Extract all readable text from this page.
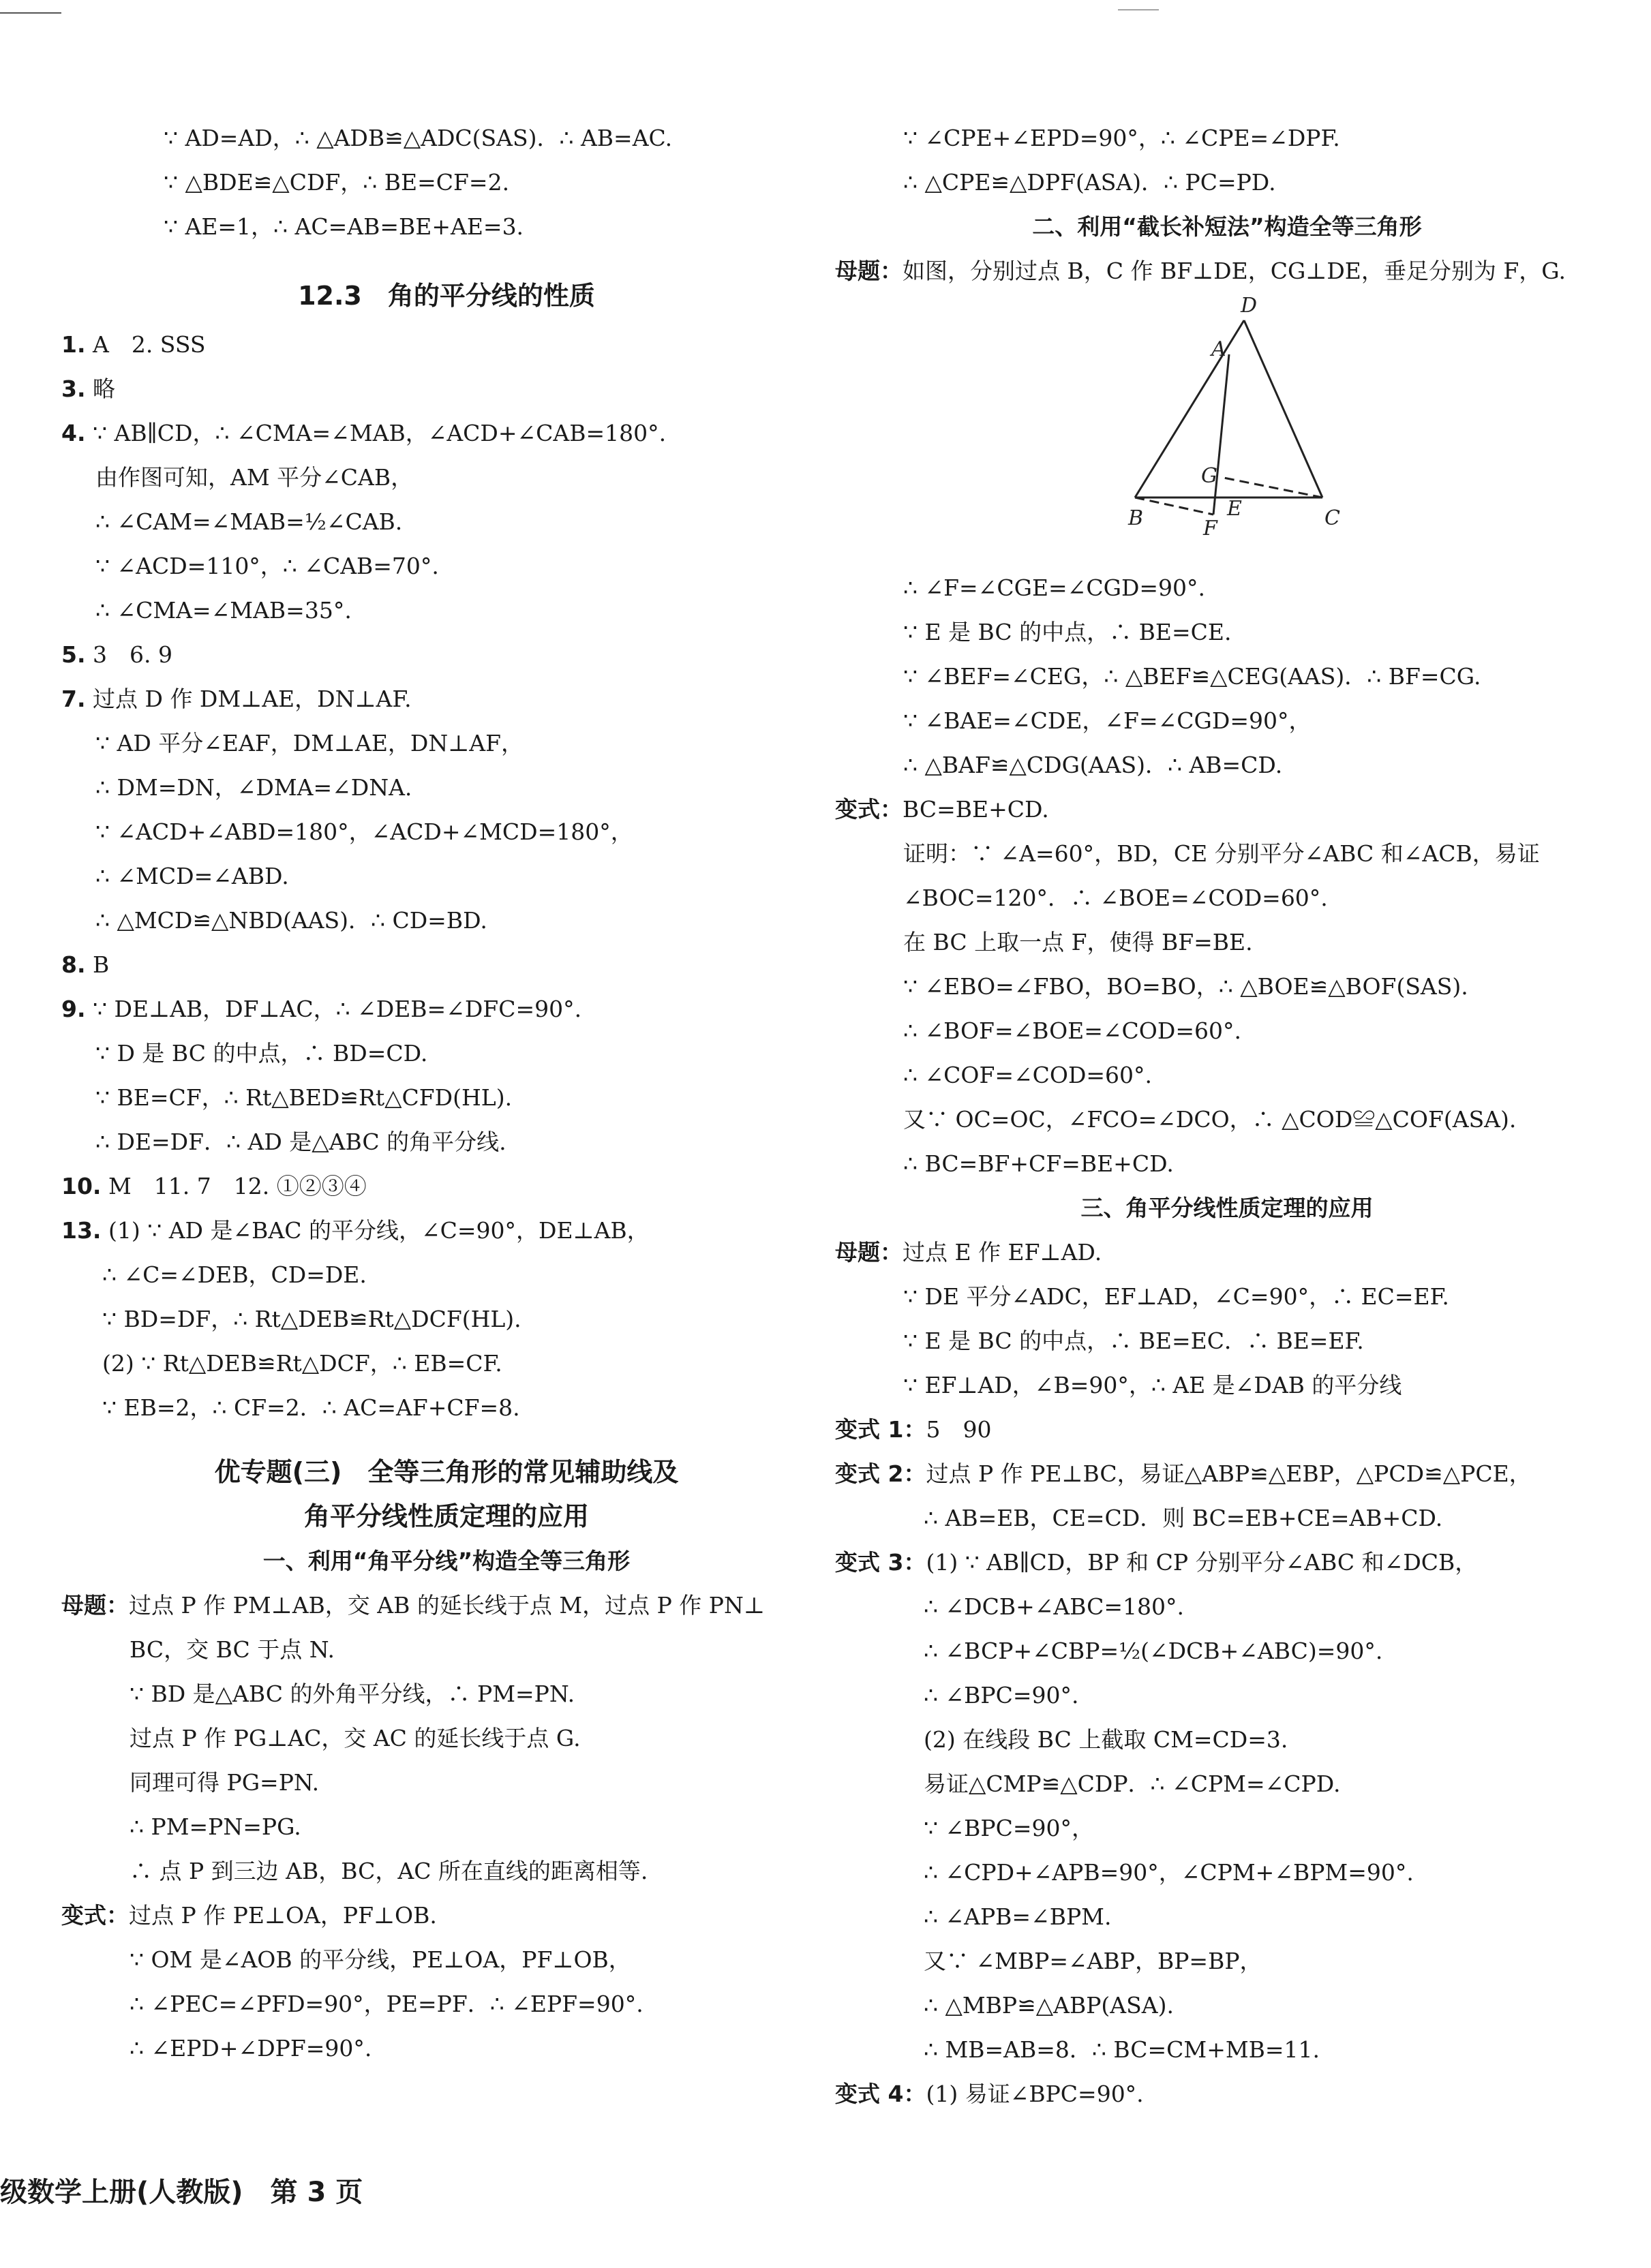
∵ AD=AD，∴ △ADB≌△ADC(SAS)．∴ AB=AC.
∵ △BDE≌△CDF，∴ BE=CF=2.
∵ AE=1，∴ AC=AB=BE+AE=3.
12.3　角的平分线的性质
1. A　2. SSS
3. 略
4. ∵ AB∥CD，∴ ∠CMA=∠MAB，∠ACD+∠CAB=180°.
由作图可知，AM 平分∠CAB，
∴ ∠CAM=∠MAB=½∠CAB.
∵ ∠ACD=110°，∴ ∠CAB=70°.
∴ ∠CMA=∠MAB=35°.
5. 3　6. 9
7. 过点 D 作 DM⊥AE，DN⊥AF.
∵ AD 平分∠EAF，DM⊥AE，DN⊥AF，
∴ DM=DN，∠DMA=∠DNA.
∵ ∠ACD+∠ABD=180°，∠ACD+∠MCD=180°，
∴ ∠MCD=∠ABD.
∴ △MCD≌△NBD(AAS)．∴ CD=BD.
8. B
9. ∵ DE⊥AB，DF⊥AC，∴ ∠DEB=∠DFC=90°.
∵ D 是 BC 的中点，∴ BD=CD.
∵ BE=CF，∴ Rt△BED≌Rt△CFD(HL).
∴ DE=DF．∴ AD 是△ABC 的角平分线.
10. M　11. 7　12. ①②③④
13. (1) ∵ AD 是∠BAC 的平分线，∠C=90°，DE⊥AB，
∴ ∠C=∠DEB，CD=DE.
∵ BD=DF，∴ Rt△DEB≌Rt△DCF(HL).
(2) ∵ Rt△DEB≌Rt△DCF，∴ EB=CF.
∵ EB=2，∴ CF=2．∴ AC=AF+CF=8.
优专题(三)　全等三角形的常见辅助线及
角平分线性质定理的应用
一、利用“角平分线”构造全等三角形
母题：过点 P 作 PM⊥AB，交 AB 的延长线于点 M，过点 P 作 PN⊥
BC，交 BC 于点 N.
∵ BD 是△ABC 的外角平分线，∴ PM=PN.
过点 P 作 PG⊥AC，交 AC 的延长线于点 G.
同理可得 PG=PN.
∴ PM=PN=PG.
∴ 点 P 到三边 AB，BC，AC 所在直线的距离相等.
变式：过点 P 作 PE⊥OA，PF⊥OB.
∵ OM 是∠AOB 的平分线，PE⊥OA，PF⊥OB，
∴ ∠PEC=∠PFD=90°，PE=PF．∴ ∠EPF=90°.
∴ ∠EPD+∠DPF=90°.
∵ ∠CPE+∠EPD=90°，∴ ∠CPE=∠DPF.
∴ △CPE≌△DPF(ASA)．∴ PC=PD.
二、利用“截长补短法”构造全等三角形
母题：如图，分别过点 B，C 作 BF⊥DE，CG⊥DE，垂足分别为 F，G.
D
A
G
B	E
F	C
∴ ∠F=∠CGE=∠CGD=90°.
∵ E 是 BC 的中点，∴ BE=CE.
∵ ∠BEF=∠CEG，∴ △BEF≌△CEG(AAS)．∴ BF=CG.
∵ ∠BAE=∠CDE，∠F=∠CGD=90°，
∴ △BAF≌△CDG(AAS)．∴ AB=CD.
变式：BC=BE+CD.
证明：∵ ∠A=60°，BD，CE 分别平分∠ABC 和∠ACB，易证
∠BOC=120°．∴ ∠BOE=∠COD=60°.
在 BC 上取一点 F，使得 BF=BE.
∵ ∠EBO=∠FBO，BO=BO，∴ △BOE≌△BOF(SAS).
∴ ∠BOF=∠BOE=∠COD=60°.
∴ ∠COF=∠COD=60°.
又∵ OC=OC，∠FCO=∠DCO，∴ △COD≌△COF(ASA).
∴ BC=BF+CF=BE+CD.
三、角平分线性质定理的应用
母题：过点 E 作 EF⊥AD.
∵ DE 平分∠ADC，EF⊥AD，∠C=90°，∴ EC=EF.
∵ E 是 BC 的中点，∴ BE=EC．∴ BE=EF.
∵ EF⊥AD，∠B=90°，∴ AE 是∠DAB 的平分线
变式 1：5　90
变式 2：过点 P 作 PE⊥BC，易证△ABP≌△EBP，△PCD≌△PCE，
∴ AB=EB，CE=CD．则 BC=EB+CE=AB+CD.
变式 3：(1) ∵ AB∥CD，BP 和 CP 分别平分∠ABC 和∠DCB，
∴ ∠DCB+∠ABC=180°.
∴ ∠BCP+∠CBP=½(∠DCB+∠ABC)=90°.
∴ ∠BPC=90°.
(2) 在线段 BC 上截取 CM=CD=3.
易证△CMP≌△CDP．∴ ∠CPM=∠CPD.
∵ ∠BPC=90°，
∴ ∠CPD+∠APB=90°，∠CPM+∠BPM=90°.
∴ ∠APB=∠BPM.
又∵ ∠MBP=∠ABP，BP=BP，
∴ △MBP≌△ABP(ASA).
∴ MB=AB=8．∴ BC=CM+MB=11.
变式 4：(1) 易证∠BPC=90°.
级数学上册(人教版)　第 3 页
